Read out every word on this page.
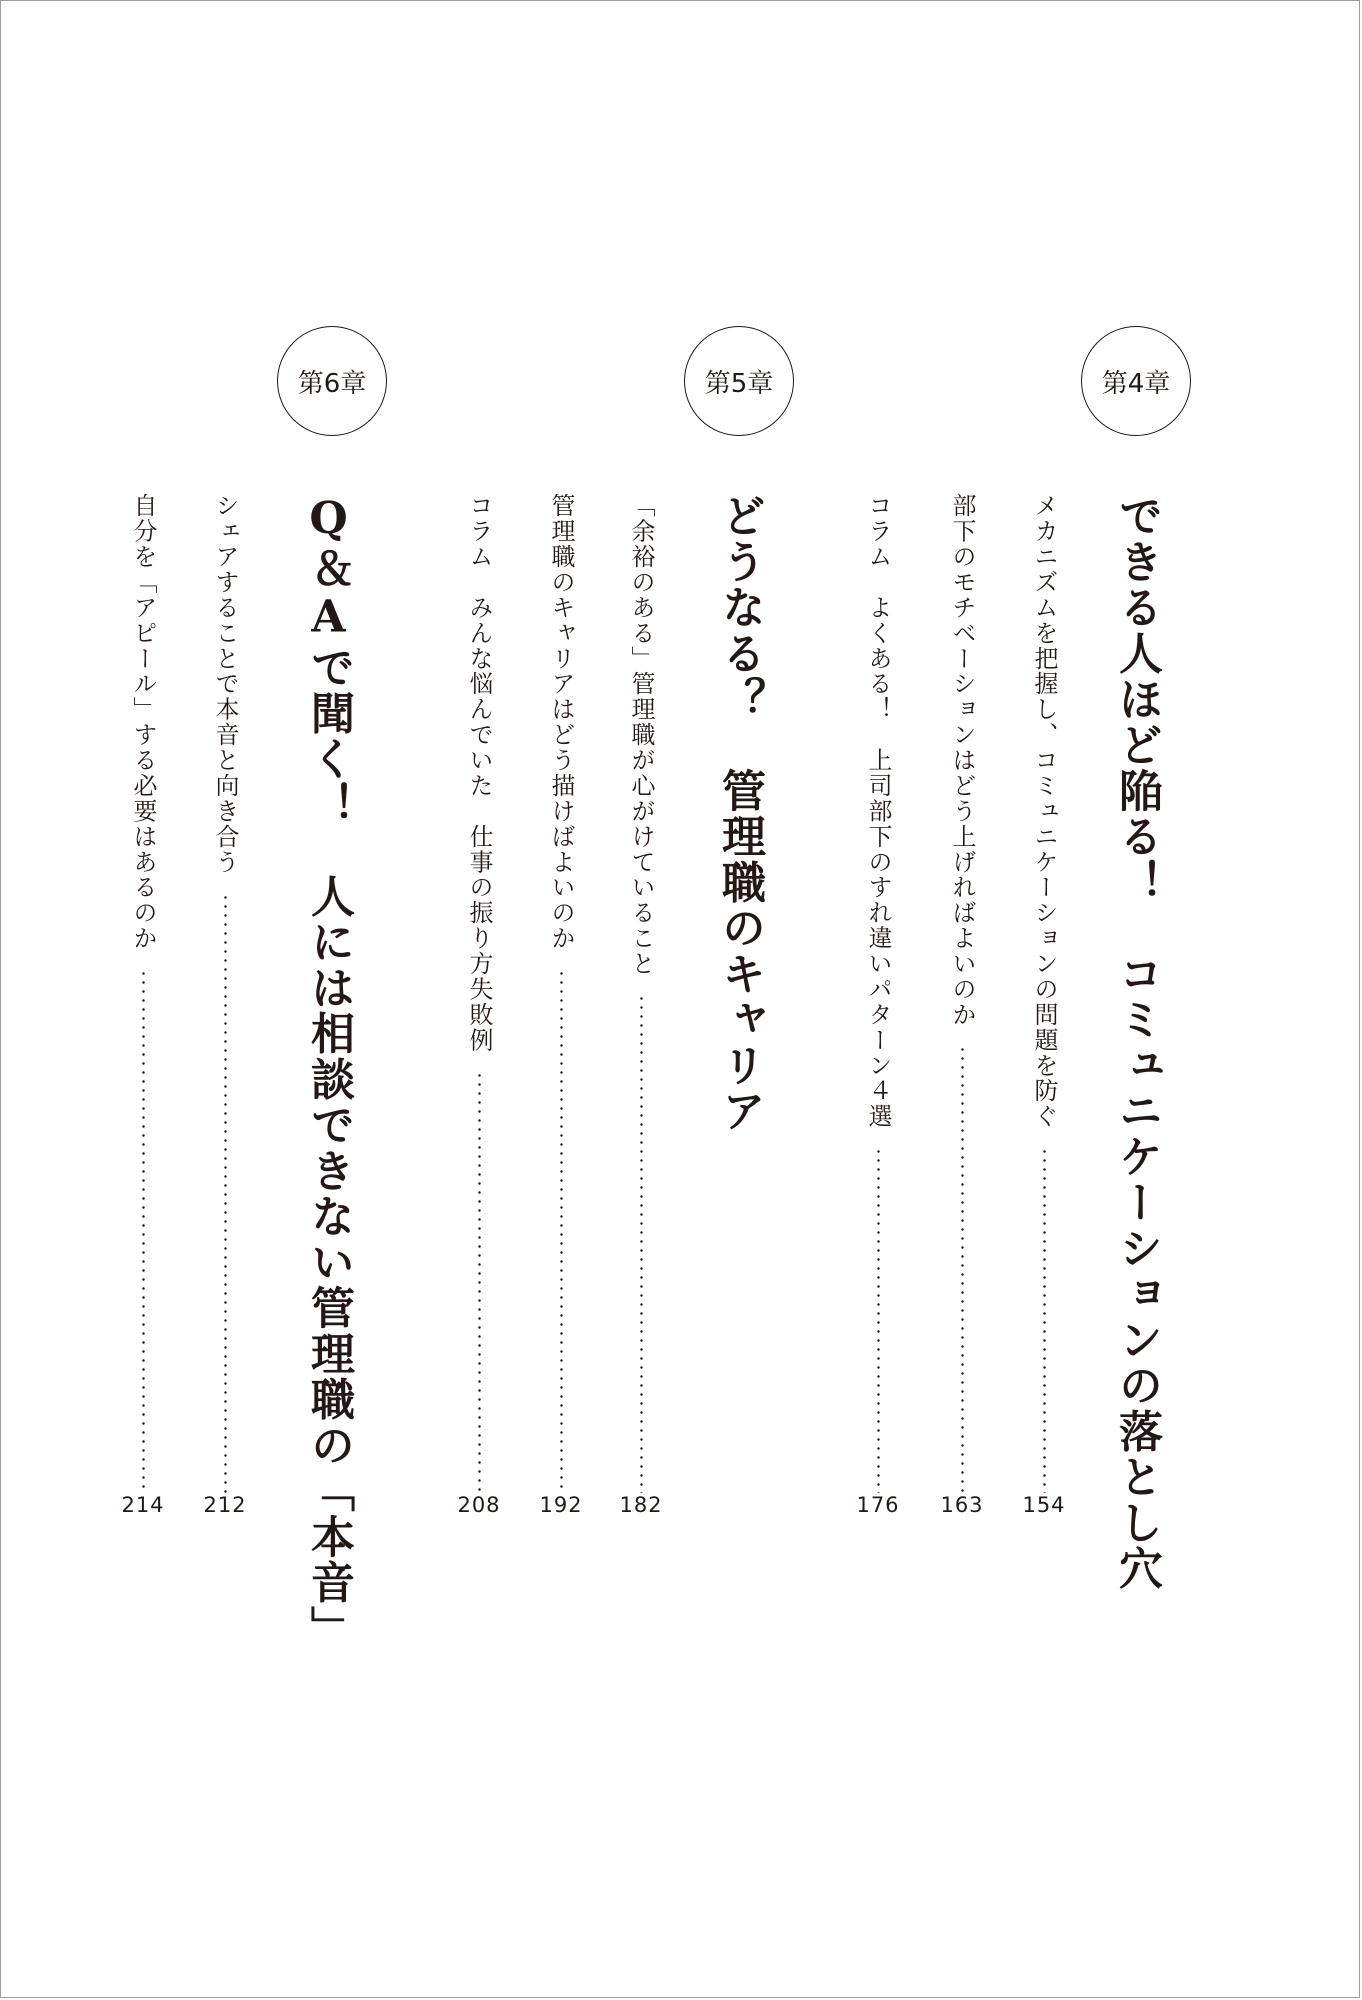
第4章
できる人ほど陥る！　コミュニケーションの落とし穴
メカニズムを把握し、コミュニケーションの問題を防ぐ
部下のモチベーションはどう上げればよいのか
コラム　よくある！　上司部下のすれ違いパターン４選
154
163
176
第5章
どうなる？　管理職のキャリア
「余裕のある」管理職が心がけていること
管理職のキャリアはどう描けばよいのか
コラム　みんな悩んでいた　仕事の振り方失敗例
182
192
208
第6章
Q＆Aで聞く！　人には相談できない管理職の「本音」
シェアすることで本音と向き合う
自分を「アピール」する必要はあるのか
212
214
